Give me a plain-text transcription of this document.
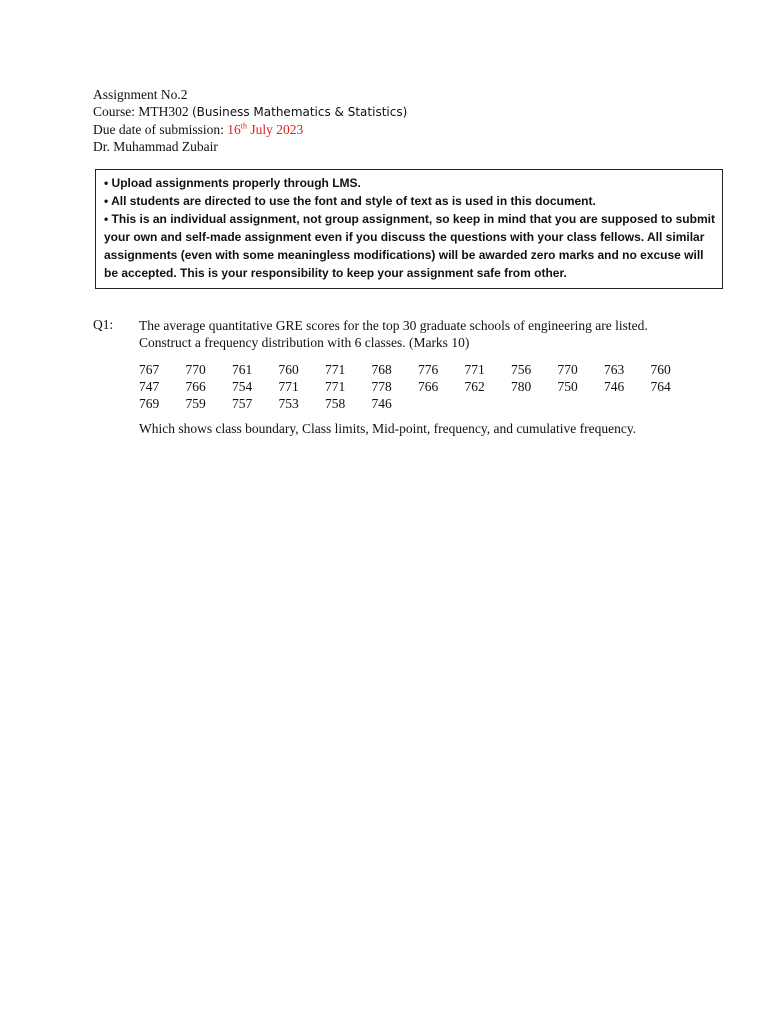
Assignment No.2
Course: MTH302 (Business Mathematics & Statistics)
Due date of submission: 16th July 2023
Dr. Muhammad Zubair
• Upload assignments properly through LMS.
• All students are directed to use the font and style of text as is used in this document.
• This is an individual assignment, not group assignment, so keep in mind that you are supposed to submit your own and self-made assignment even if you discuss the questions with your class fellows. All similar assignments (even with some meaningless modifications) will be awarded zero marks and no excuse will be accepted. This is your responsibility to keep your assignment safe from other.
Q1: The average quantitative GRE scores for the top 30 graduate schools of engineering are listed.
Construct a frequency distribution with 6 classes. (Marks 10)
767	770	761	760	771	768	776	771	756	770	763	760
747	766	754	771	771	778	766	762	780	750	746	764
769	759	757	753	758	746
Which shows class boundary, Class limits, Mid-point, frequency, and cumulative frequency.
